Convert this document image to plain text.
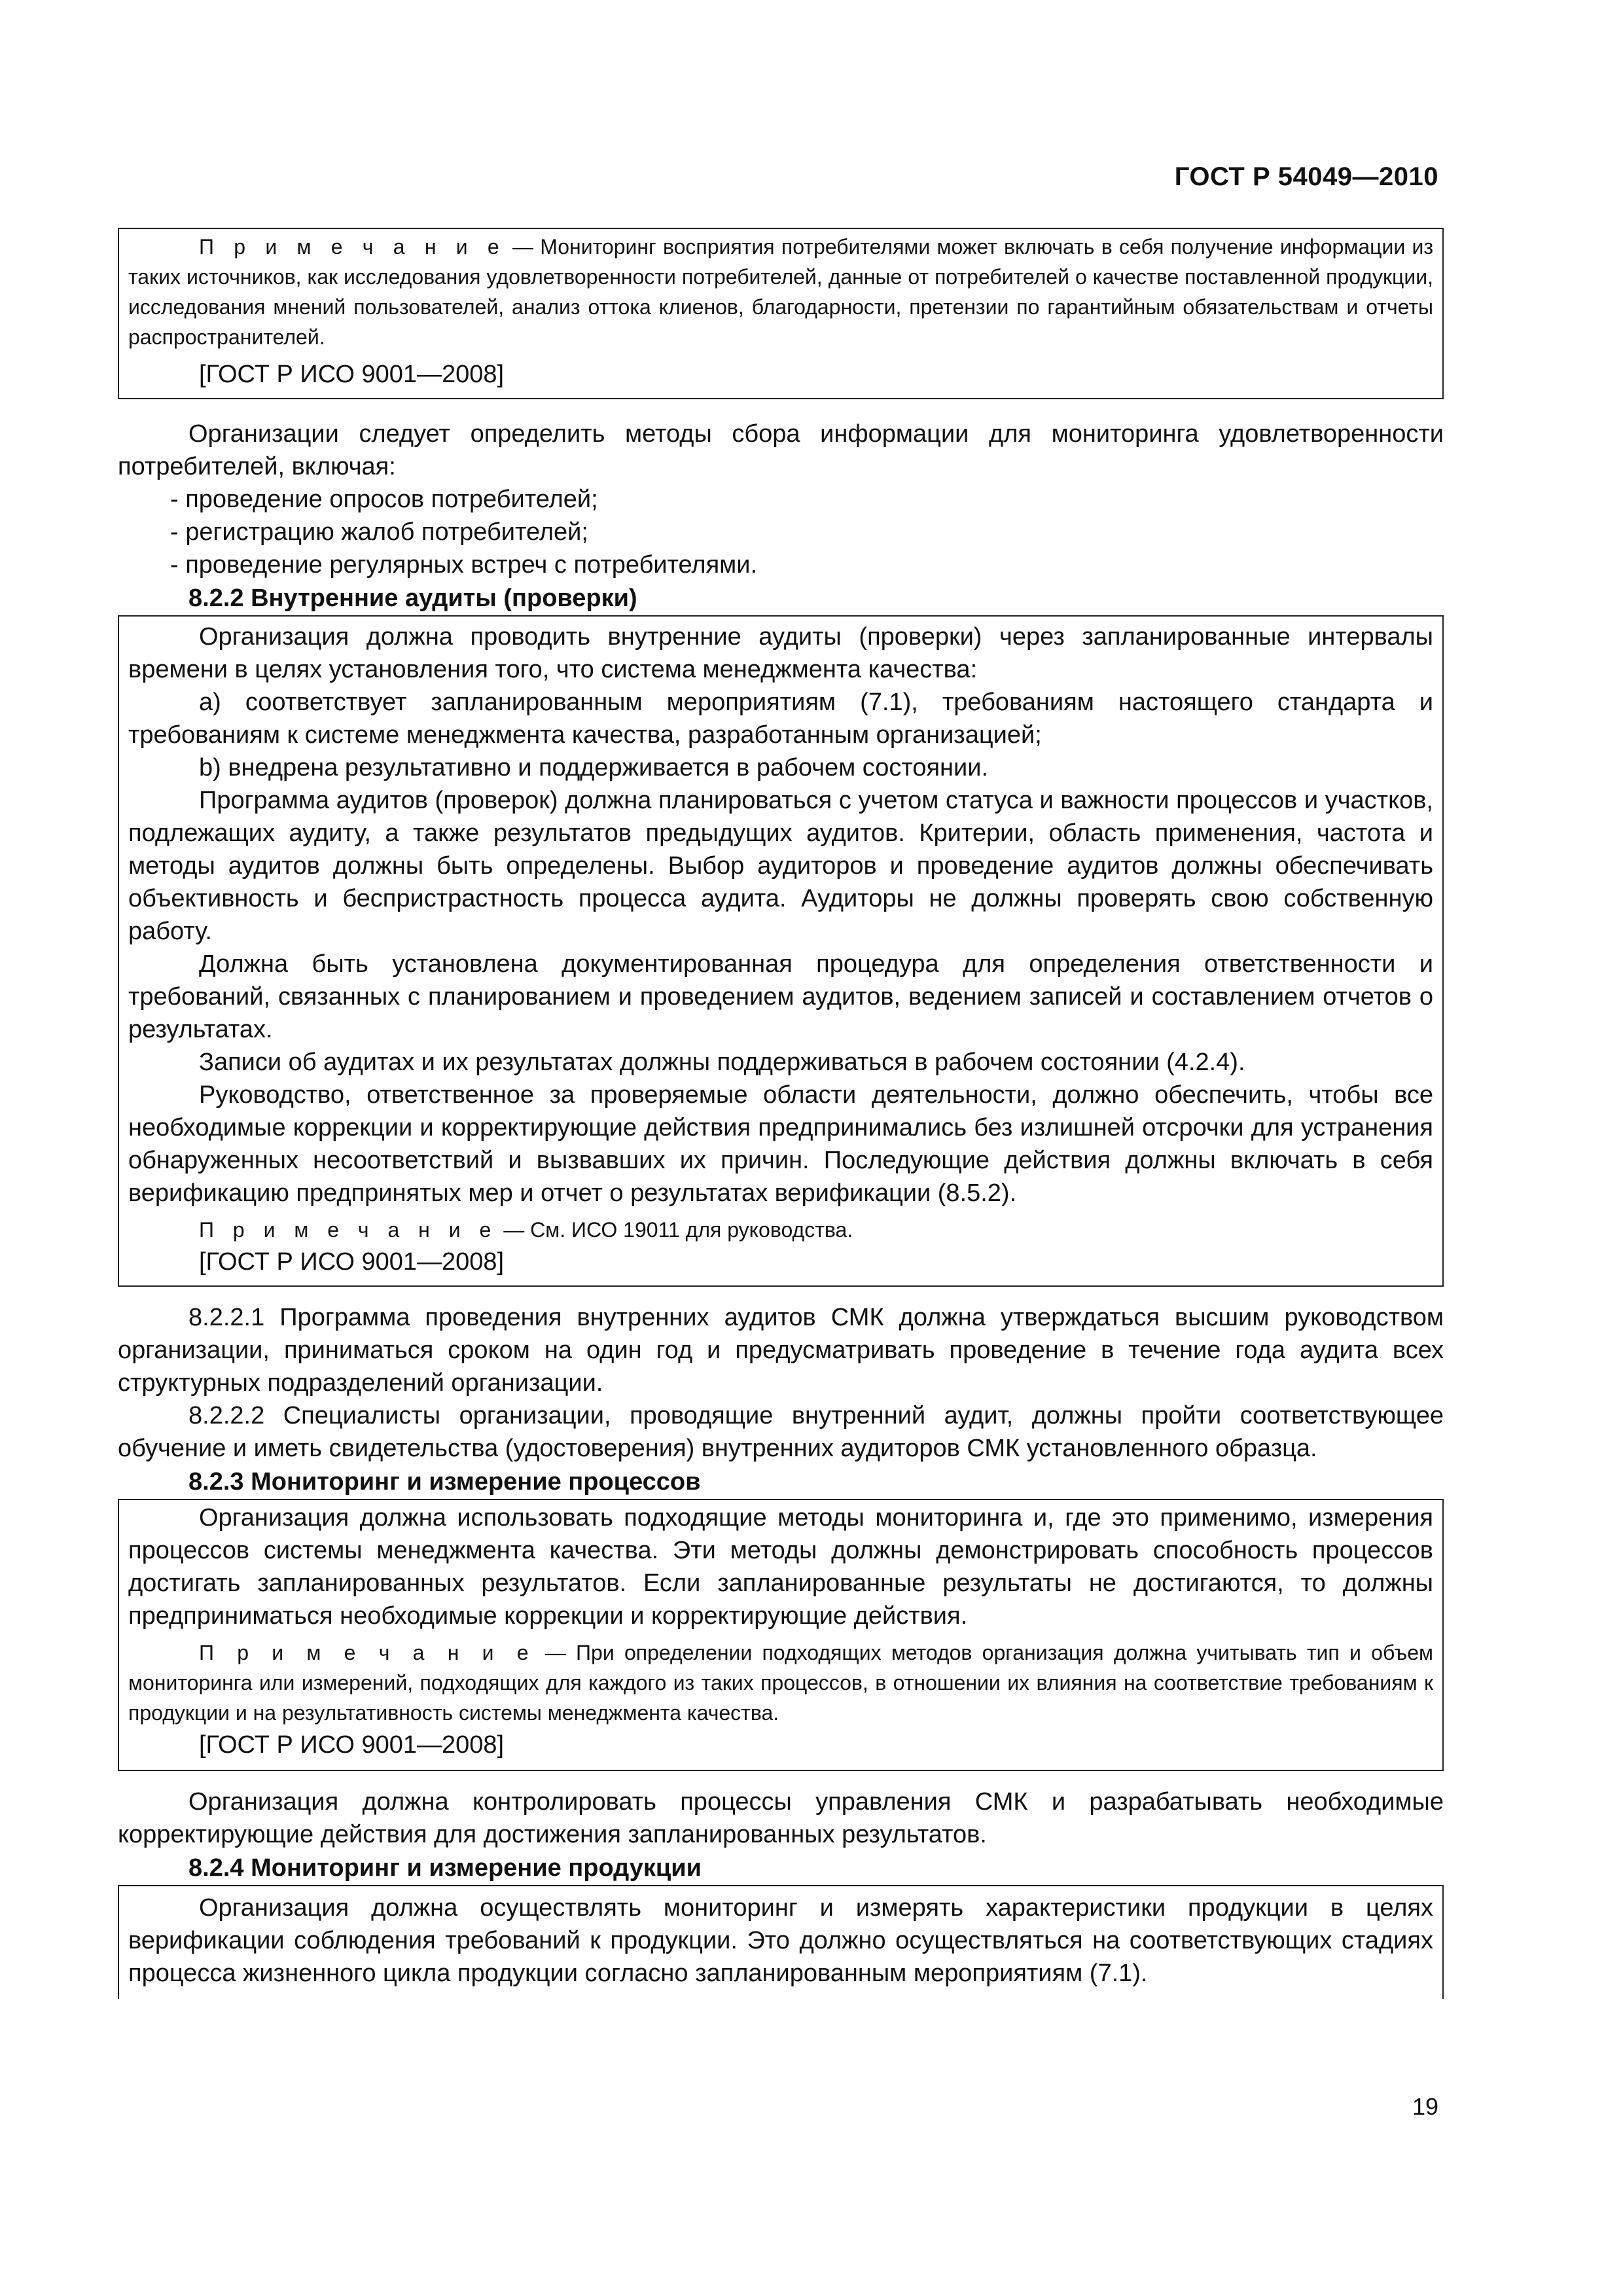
ГОСТ Р 54049—2010

П р и м е ч а н и е — Мониторинг восприятия потребителями может включать в себя получение информации из таких источников, как исследования удовлетворенности потребителей, данные от потребителей о качестве поставленной продукции, исследования мнений пользователей, анализ оттока клиенов, благодарности, претензии по гарантийным обязательствам и отчеты распространителей.

[ГОСТ Р ИСО 9001—2008]

Организации следует определить методы сбора информации для мониторинга удовлетворенности потребителей, включая:

- проведение опросов потребителей;

- регистрацию жалоб потребителей;

- проведение регулярных встреч с потребителями.

8.2.2 Внутренние аудиты (проверки)

Организация должна проводить внутренние аудиты (проверки) через запланированные интервалы времени в целях установления того, что система менеджмента качества:

a) соответствует запланированным мероприятиям (7.1), требованиям настоящего стандарта и требованиям к системе менеджмента качества, разработанным организацией;

b) внедрена результативно и поддерживается в рабочем состоянии.

Программа аудитов (проверок) должна планироваться с учетом статуса и важности процессов и участков, подлежащих аудиту, а также результатов предыдущих аудитов. Критерии, область применения, частота и методы аудитов должны быть определены. Выбор аудиторов и проведение аудитов должны обеспечивать объективность и беспристрастность процесса аудита. Аудиторы не должны проверять свою собственную работу.

Должна быть установлена документированная процедура для определения ответственности и требований, связанных с планированием и проведением аудитов, ведением записей и составлением отчетов о результатах.

Записи об аудитах и их результатах должны поддерживаться в рабочем состоянии (4.2.4).

Руководство, ответственное за проверяемые области деятельности, должно обеспечить, чтобы все необходимые коррекции и корректирующие действия предпринимались без излишней отсрочки для устранения обнаруженных несоответствий и вызвавших их причин. Последующие действия должны включать в себя верификацию предпринятых мер и отчет о результатах верификации (8.5.2).

П р и м е ч а н и е — См. ИСО 19011 для руководства.

[ГОСТ Р ИСО 9001—2008]

8.2.2.1 Программа проведения внутренних аудитов СМК должна утверждаться высшим руководством организации, приниматься сроком на один год и предусматривать проведение в течение года аудита всех структурных подразделений организации.

8.2.2.2 Специалисты организации, проводящие внутренний аудит, должны пройти соответствующее обучение и иметь свидетельства (удостоверения) внутренних аудиторов СМК установленного образца.

8.2.3 Мониторинг и измерение процессов

Организация должна использовать подходящие методы мониторинга и, где это применимо, измерения процессов системы менеджмента качества. Эти методы должны демонстрировать способность процессов достигать запланированных результатов. Если запланированные результаты не достигаются, то должны предприниматься необходимые коррекции и корректирующие действия.

П р и м е ч а н и е — При определении подходящих методов организация должна учитывать тип и объем мониторинга или измерений, подходящих для каждого из таких процессов, в отношении их влияния на соответствие требованиям к продукции и на результативность системы менеджмента качества.

[ГОСТ Р ИСО 9001—2008]

Организация должна контролировать процессы управления СМК и разрабатывать необходимые корректирующие действия для достижения запланированных результатов.

8.2.4 Мониторинг и измерение продукции

Организация должна осуществлять мониторинг и измерять характеристики продукции в целях верификации соблюдения требований к продукции. Это должно осуществляться на соответствующих стадиях процесса жизненного цикла продукции согласно запланированным мероприятиям (7.1).

19
